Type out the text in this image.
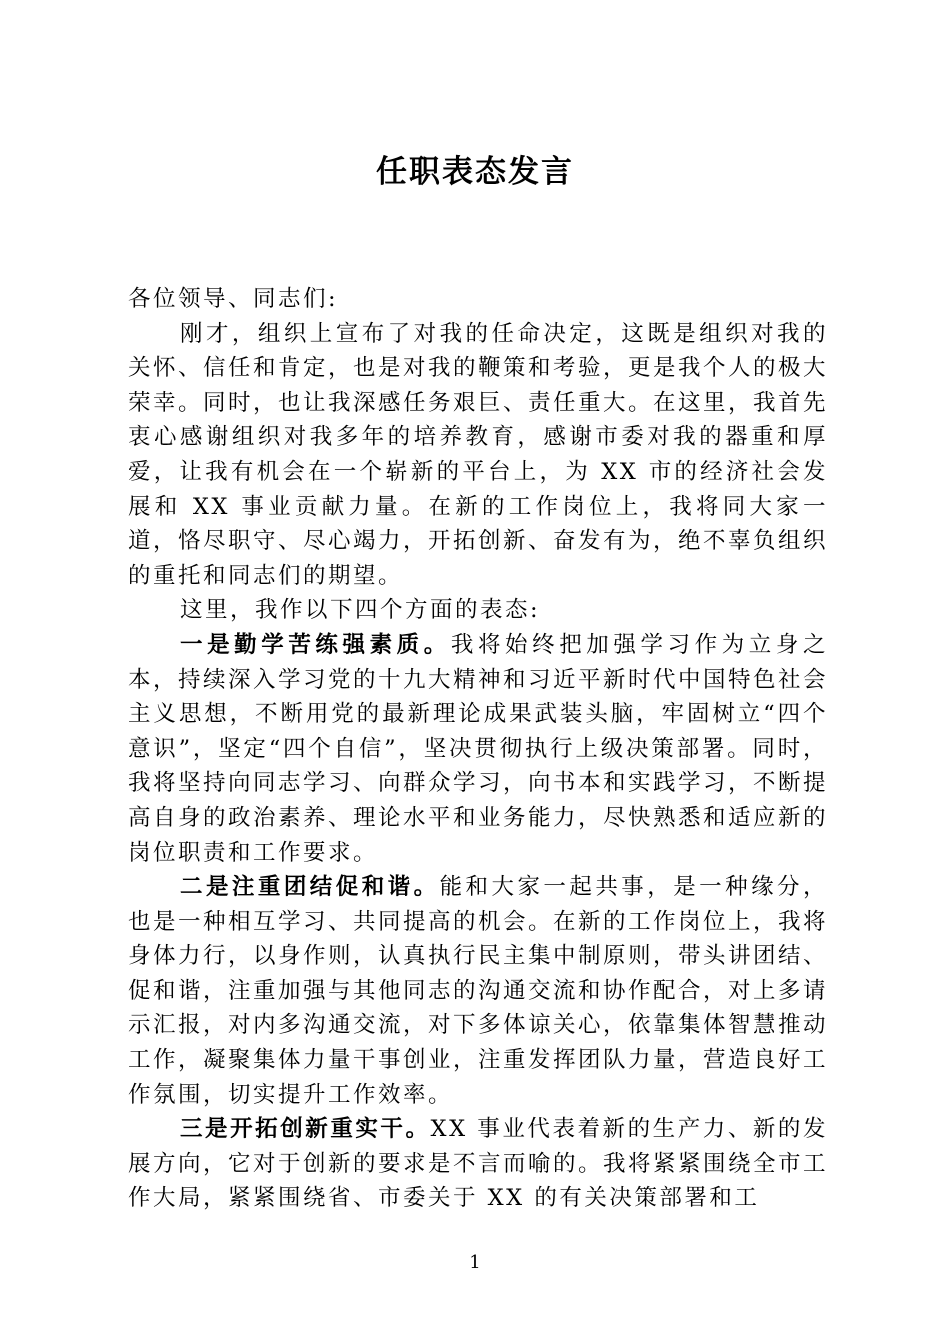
任职表态发言

各位领导、同志们:

刚才，组织上宣布了对我的任命决定，这既是组织对我的关怀、信任和肯定，也是对我的鞭策和考验，更是我个人的极大荣幸。同时，也让我深感任务艰巨、责任重大。在这里，我首先衷心感谢组织对我多年的培养教育，感谢市委对我的器重和厚爱，让我有机会在一个崭新的平台上，为 XX 市的经济社会发展和 XX 事业贡献力量。在新的工作岗位上，我将同大家一道，恪尽职守、尽心竭力，开拓创新、奋发有为，绝不辜负组织的重托和同志们的期望。

这里，我作以下四个方面的表态:

一是勤学苦练强素质。我将始终把加强学习作为立身之本，持续深入学习党的十九大精神和习近平新时代中国特色社会主义思想，不断用党的最新理论成果武装头脑，牢固树立“四个意识”，坚定“四个自信”，坚决贯彻执行上级决策部署。同时，我将坚持向同志学习、向群众学习，向书本和实践学习，不断提高自身的政治素养、理论水平和业务能力，尽快熟悉和适应新的岗位职责和工作要求。

二是注重团结促和谐。能和大家一起共事，是一种缘分，也是一种相互学习、共同提高的机会。在新的工作岗位上，我将身体力行，以身作则，认真执行民主集中制原则，带头讲团结、促和谐，注重加强与其他同志的沟通交流和协作配合，对上多请示汇报，对内多沟通交流，对下多体谅关心，依靠集体智慧推动工作，凝聚集体力量干事创业，注重发挥团队力量，营造良好工作氛围，切实提升工作效率。

三是开拓创新重实干。XX 事业代表着新的生产力、新的发展方向，它对于创新的要求是不言而喻的。我将紧紧围绕全市工作大局，紧紧围绕省、市委关于 XX 的有关决策部署和工

1
